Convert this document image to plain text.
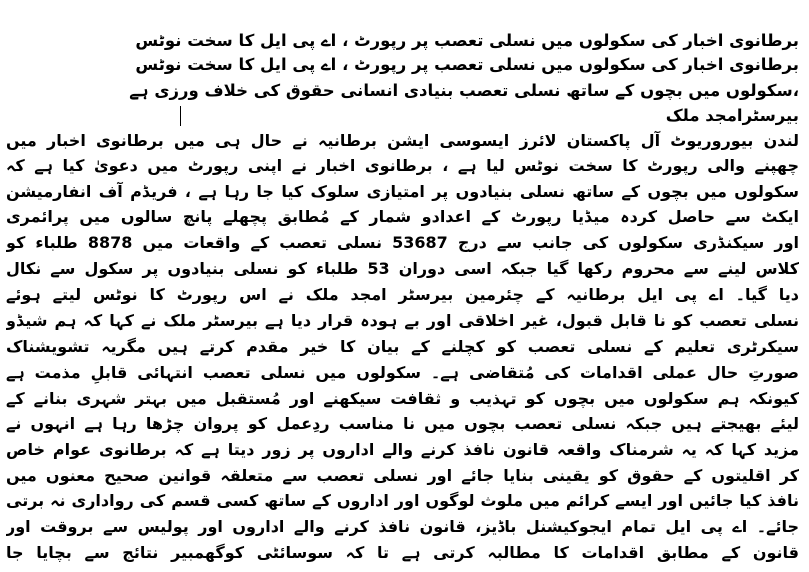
برطانوی اخبار کی سکولوں میں نسلی تعصب پر رپورٹ ، اے پی ایل کا سخت نوٹس
برطانوی اخبار کی سکولوں میں نسلی تعصب پر رپورٹ ، اے پی ایل کا سخت نوٹس
،سکولوں میں بچوں کے ساتھ نسلی تعصب بنیادی انسانی حقوق کی خلاف ورزی ہے
بیرسٹرامجد ملک
لندن بیوروریوٹ آل پاکستان لائرز ایسوسی ایشن برطانیہ نے حال ہی میں برطانوی اخبار میں
چھپنے والی رپورٹ کا سخت نوٹس لیا ہے ، برطانوی اخبار نے اپنی رپورٹ میں دعویٰ کیا ہے کہ
سکولوں میں بچوں کے ساتھ نسلی بنیادوں پر امتیازی سلوک کیا جا رہا ہے ، فریڈم آف انفارمیشن
ایکٹ سے حاصل کردہ میڈیا رپورٹ کے اعدادو شمار کے مُطابق پچھلے پانچ سالوں میں پرائمری
اور سیکنڈری سکولوں کی جانب سے درج 53687 نسلی تعصب کے واقعات میں 8878 طلباء کو
کلاس لینے سے محروم رکھا گیا جبکہ اسی دوران 53 طلباء کو نسلی بنیادوں پر سکول سے نکال
دیا گیا۔ اے پی ایل برطانیہ کے چئرمین بیرسٹر امجد ملک نے اس رپورٹ کا نوٹس لیتے ہوئے
نسلی تعصب کو نا قابل قبول، غیر اخلاقی اور بے ہودہ قرار دیا ہے بیرسٹر ملک نے کہا کہ ہم شیڈو
سیکرٹری تعلیم کے نسلی تعصب کو کچلنے کے بیان کا خیر مقدم کرتے ہیں مگریہ تشویشناک
صورتِ حال عملی اقدامات کی مُتقاضی ہے۔ سکولوں میں نسلی تعصب انتہائی قابلِ مذمت ہے
کیونکہ ہم سکولوں میں بچوں کو تہذیب و ثقافت سیکھنے اور مُستقبل میں بہتر شہری بنانے کے
لیئے بھیجتے ہیں جبکہ نسلی تعصب بچوں میں نا مناسب ردِعمل کو پروان چڑھا رہا ہے انہوں نے
مزید کہا کہ یہ شرمناک واقعہ قانون نافذ کرنے والے اداروں پر زور دیتا ہے کہ برطانوی عوام خاص
کر اقلیتوں کے حقوق کو یقینی بنایا جائے اور نسلی تعصب سے متعلقہ قوانین صحیح معنوں میں
نافذ کیا جائیں اور ایسے کرائم میں ملوث لوگوں اور اداروں کے ساتھ کسی قسم کی رواداری نہ برتی
جائے۔ اے پی ایل تمام ایجوکیشنل باڈیز، قانون نافذ کرنے والے اداروں اور پولیس سے بروقت اور
قانون کے مطابق اقدامات کا مطالبہ کرتی ہے تا کہ سوسائٹی کوگھمبیر نتائج سے بچایا جا
